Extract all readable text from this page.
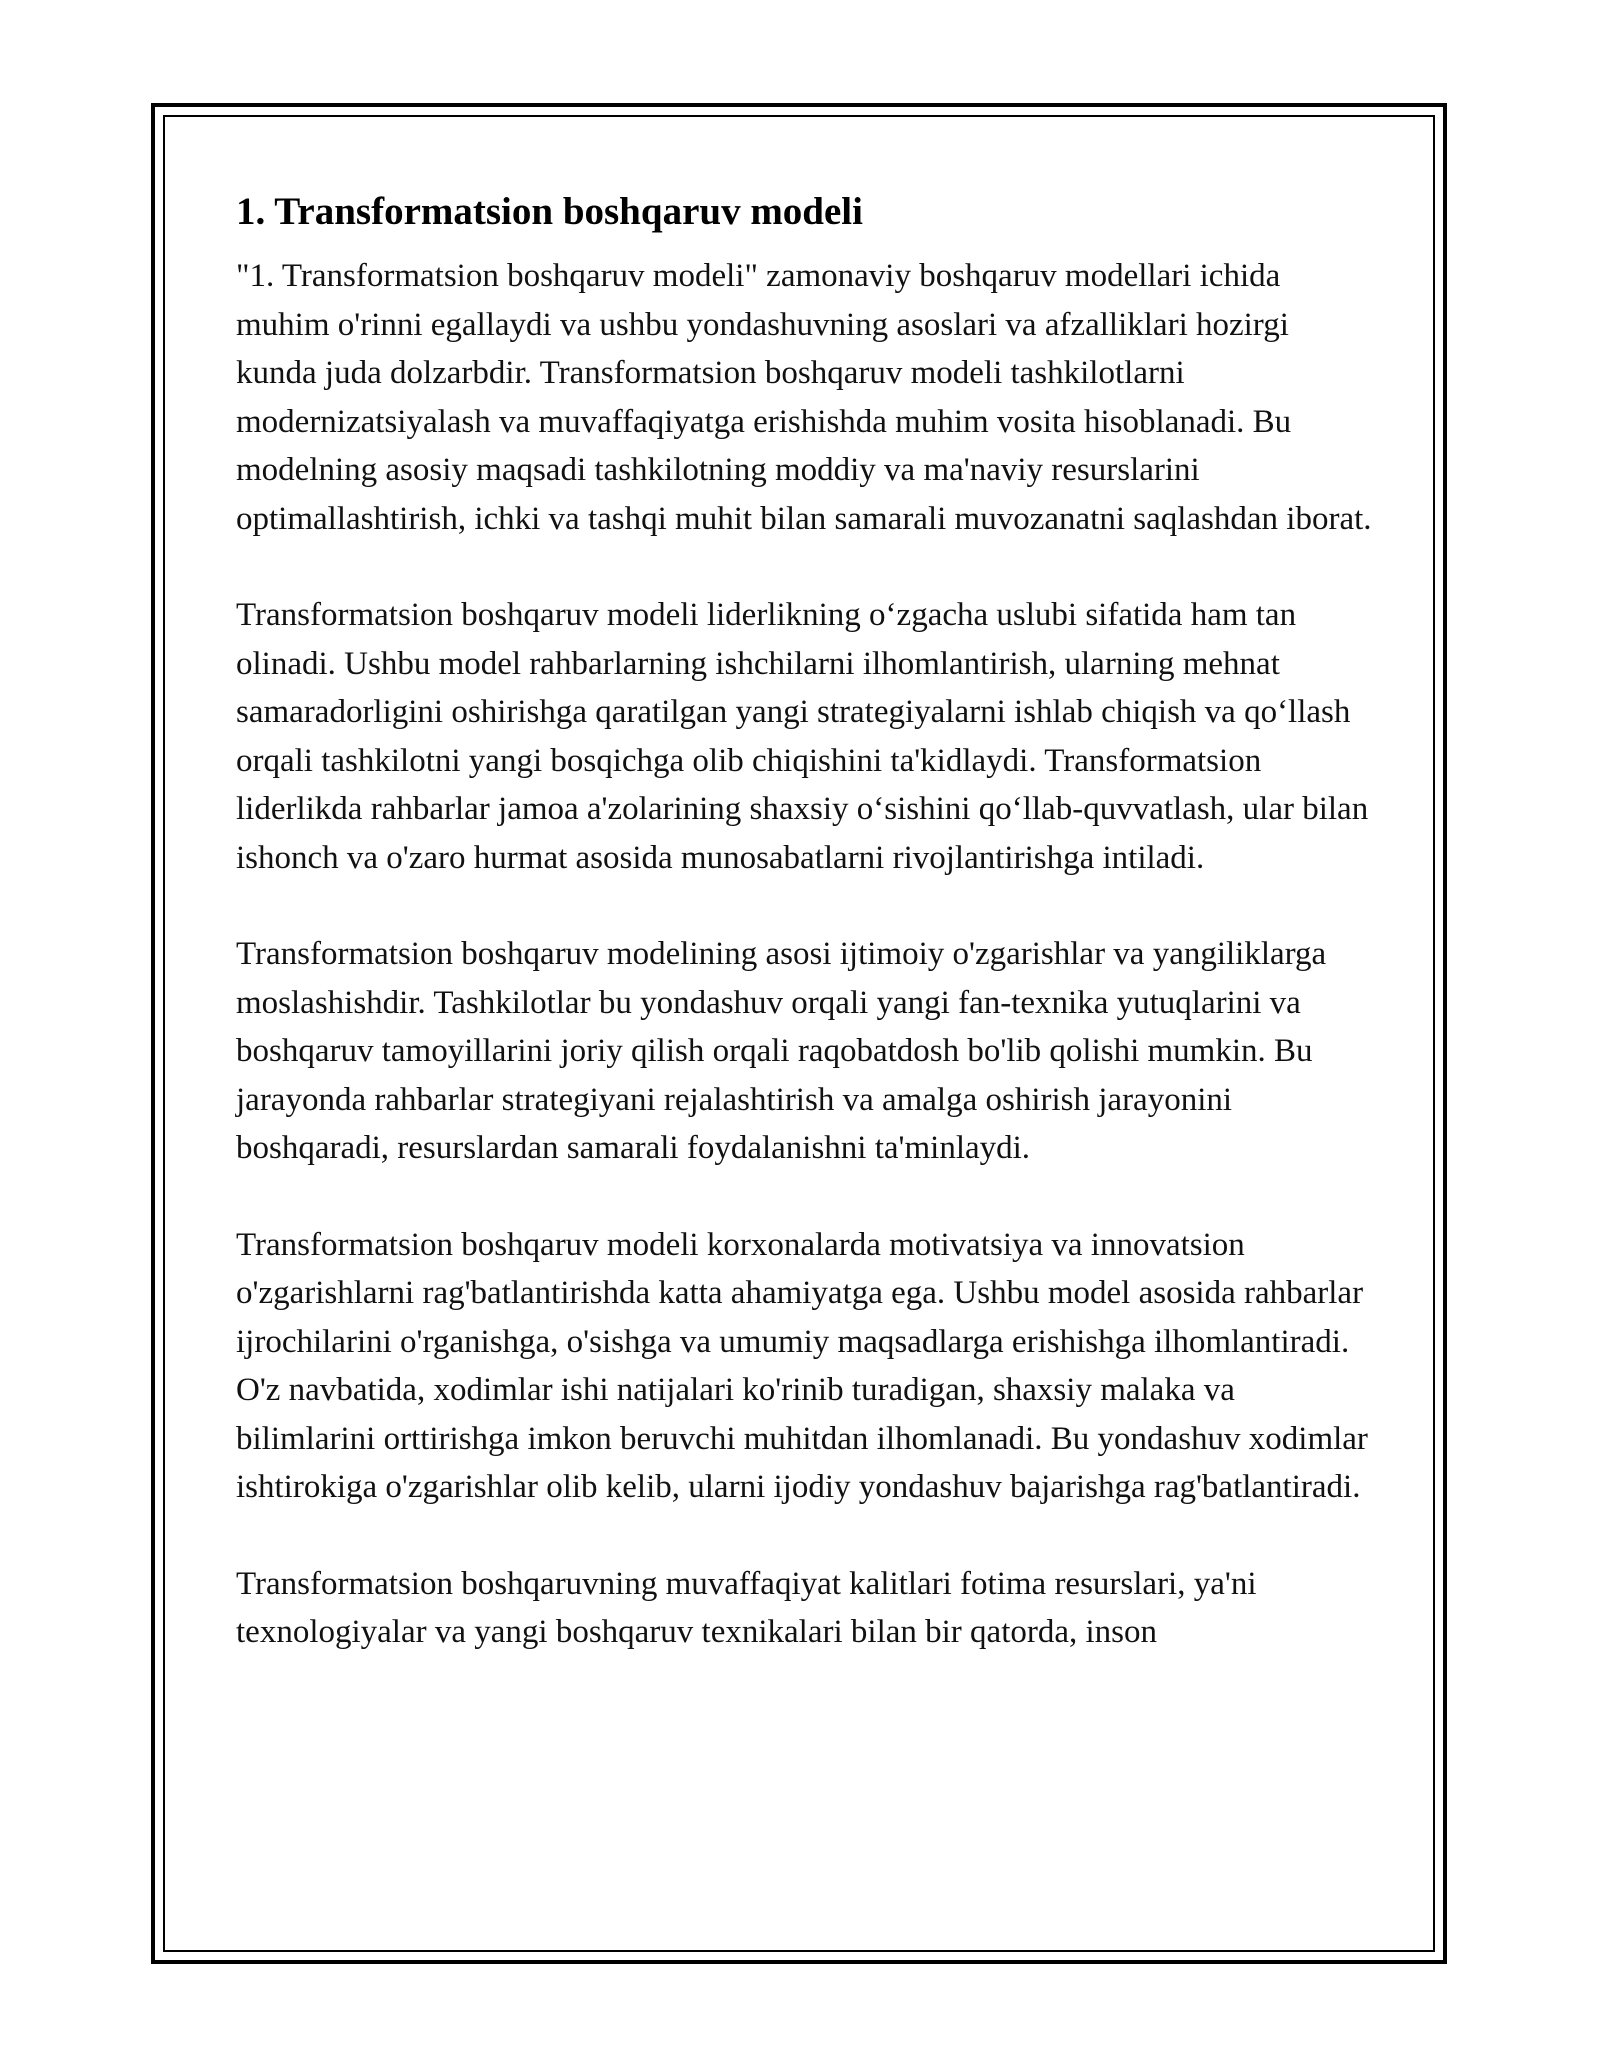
1. Transformatsion boshqaruv modeli

"1. Transformatsion boshqaruv modeli" zamonaviy boshqaruv modellari ichida muhim o'rinni egallaydi va ushbu yondashuvning asoslari va afzalliklari hozirgi kunda juda dolzarbdir. Transformatsion boshqaruv modeli tashkilotlarni modernizatsiyalash va muvaffaqiyatga erishishda muhim vosita hisoblanadi. Bu modelning asosiy maqsadi tashkilotning moddiy va ma'naviy resurslarini optimallashtirish, ichki va tashqi muhit bilan samarali muvozanatni saqlashdan iborat.

Transformatsion boshqaruv modeli liderlikning o‘zgacha uslubi sifatida ham tan olinadi. Ushbu model rahbarlarning ishchilarni ilhomlantirish, ularning mehnat samaradorligini oshirishga qaratilgan yangi strategiyalarni ishlab chiqish va qo‘llash orqali tashkilotni yangi bosqichga olib chiqishini ta'kidlaydi. Transformatsion liderlikda rahbarlar jamoa a'zolarining shaxsiy o‘sishini qo‘llab-quvvatlash, ular bilan ishonch va o'zaro hurmat asosida munosabatlarni rivojlantirishga intiladi.

Transformatsion boshqaruv modelining asosi ijtimoiy o'zgarishlar va yangiliklarga moslashishdir. Tashkilotlar bu yondashuv orqali yangi fan-texnika yutuqlarini va boshqaruv tamoyillarini joriy qilish orqali raqobatdosh bo'lib qolishi mumkin. Bu jarayonda rahbarlar strategiyani rejalashtirish va amalga oshirish jarayonini boshqaradi, resurslardan samarali foydalanishni ta'minlaydi.

Transformatsion boshqaruv modeli korxonalarda motivatsiya va innovatsion o'zgarishlarni rag'batlantirishda katta ahamiyatga ega. Ushbu model asosida rahbarlar ijrochilarini o'rganishga, o'sishga va umumiy maqsadlarga erishishga ilhomlantiradi. O'z navbatida, xodimlar ishi natijalari ko'rinib turadigan, shaxsiy malaka va bilimlarini orttirishga imkon beruvchi muhitdan ilhomlanadi. Bu yondashuv xodimlar ishtirokiga o'zgarishlar olib kelib, ularni ijodiy yondashuv bajarishga rag'batlantiradi.

Transformatsion boshqaruvning muvaffaqiyat kalitlari fotima resurslari, ya'ni texnologiyalar va yangi boshqaruv texnikalari bilan bir qatorda, inson
